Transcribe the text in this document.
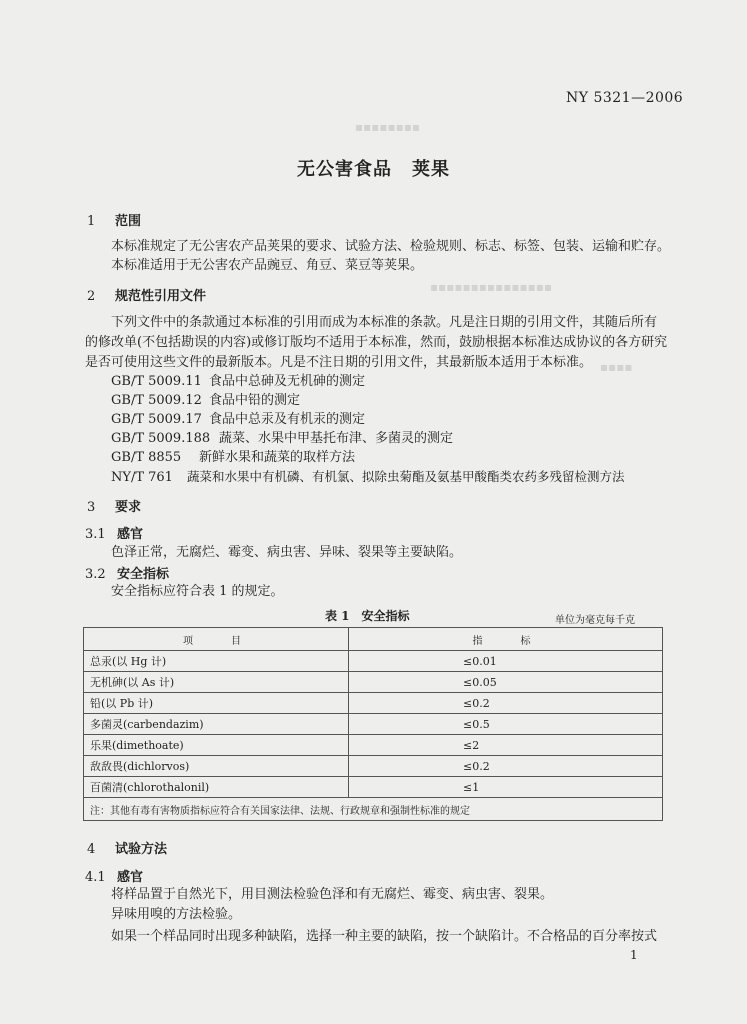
▪▪▪▪▪▪▪▪
▪▪▪▪▪▪▪▪▪▪▪▪▪▪▪
▪▪▪▪
NY 5321—2006
无公害食品 荚果
1 范围
本标准规定了无公害农产品荚果的要求、试验方法、检验规则、标志、标签、包装、运输和贮存。
本标准适用于无公害农产品豌豆、角豆、菜豆等荚果。
2 规范性引用文件
下列文件中的条款通过本标准的引用而成为本标准的条款。凡是注日期的引用文件，其随后所有
的修改单(不包括勘误的内容)或修订版均不适用于本标准，然而，鼓励根据本标准达成协议的各方研究
是否可使用这些文件的最新版本。凡是不注日期的引用文件，其最新版本适用于本标准。
GB/T 5009.11 食品中总砷及无机砷的测定
GB/T 5009.12 食品中铅的测定
GB/T 5009.17 食品中总汞及有机汞的测定
GB/T 5009.188 蔬菜、水果中甲基托布津、多菌灵的测定
GB/T 8855 新鲜水果和蔬菜的取样方法
NY/T 761 蔬菜和水果中有机磷、有机氯、拟除虫菊酯及氨基甲酸酯类农药多残留检测方法
3 要求
3.1 感官
色泽正常，无腐烂、霉变、病虫害、异味、裂果等主要缺陷。
3.2 安全指标
安全指标应符合表 1 的规定。
表 1　安全指标	单位为毫克每千克
项　目	指　标
总汞(以 Hg 计)	≤0.01
无机砷(以 As 计)	≤0.05
铅(以 Pb 计)	≤0.2
多菌灵(carbendazim)	≤0.5
乐果(dimethoate)	≤2
敌敌畏(dichlorvos)	≤0.2
百菌清(chlorothalonil)	≤1
注：其他有毒有害物质指标应符合有关国家法律、法规、行政规章和强制性标准的规定	
4 试验方法
4.1 感官
将样品置于自然光下，用目测法检验色泽和有无腐烂、霉变、病虫害、裂果。
异味用嗅的方法检验。
如果一个样品同时出现多种缺陷，选择一种主要的缺陷，按一个缺陷计。不合格品的百分率按式
1
